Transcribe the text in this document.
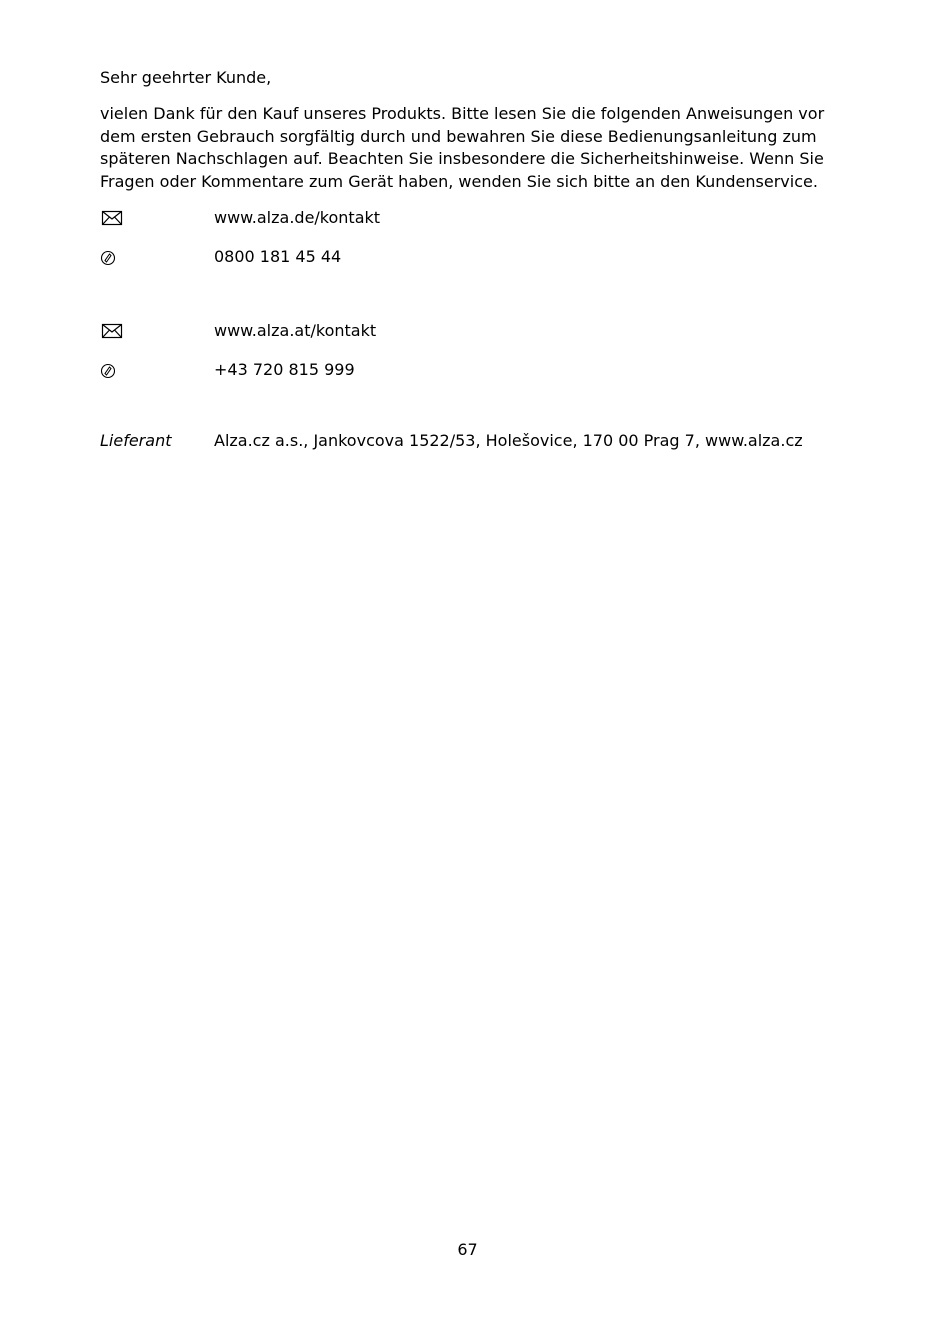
Sehr geehrter Kunde,
vielen Dank für den Kauf unseres Produkts. Bitte lesen Sie die folgenden Anweisungen vor dem ersten Gebrauch sorgfältig durch und bewahren Sie diese Bedienungsanleitung zum späteren Nachschlagen auf. Beachten Sie insbesondere die Sicherheitshinweise. Wenn Sie Fragen oder Kommentare zum Gerät haben, wenden Sie sich bitte an den Kundenservice.
www.alza.de/kontakt
0800 181 45 44
www.alza.at/kontakt
+43 720 815 999
Lieferant	Alza.cz a.s., Jankovcova 1522/53, Holešovice, 170 00 Prag 7, www.alza.cz
67
